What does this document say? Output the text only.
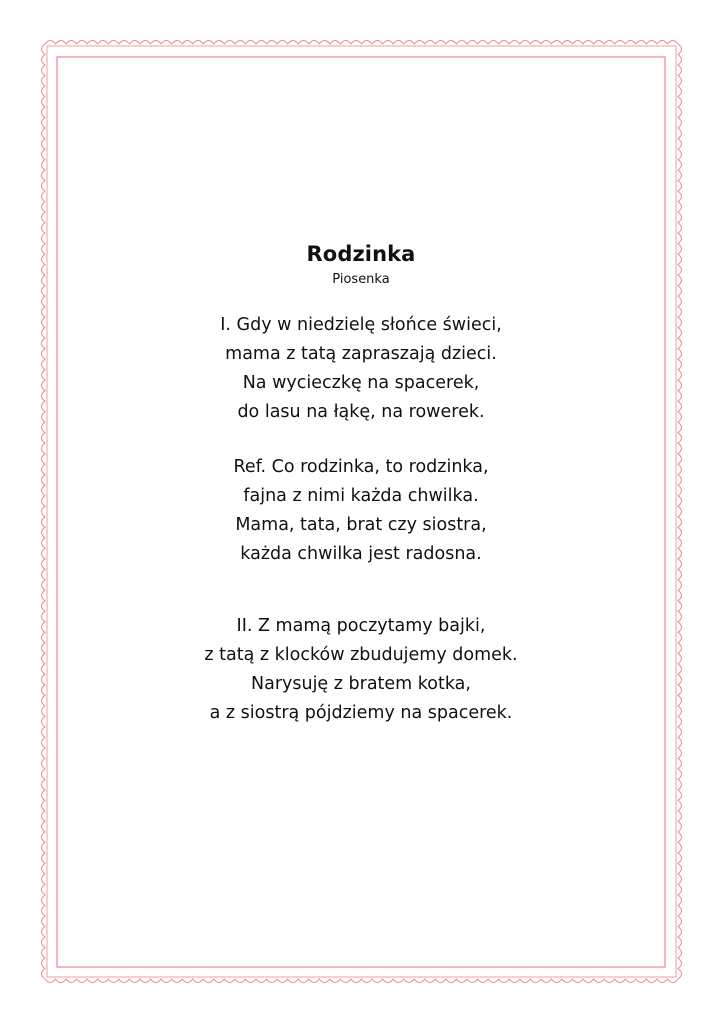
Rodzinka
Piosenka
I. Gdy w niedzielę słońce świeci,
mama z tatą zapraszają dzieci.
Na wycieczkę na spacerek,
do lasu na łąkę, na rowerek.
Ref. Co rodzinka, to rodzinka,
fajna z nimi każda chwilka.
Mama, tata, brat czy siostra,
każda chwilka jest radosna.
II. Z mamą poczytamy bajki,
z tatą z klocków zbudujemy domek.
Narysuję z bratem kotka,
a z siostrą pójdziemy na spacerek.
